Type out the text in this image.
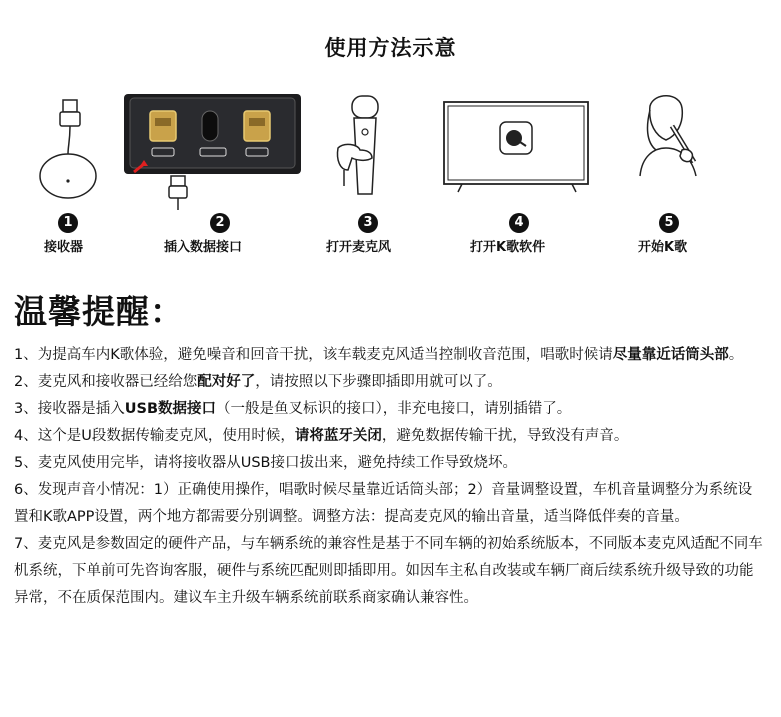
使用方法示意
1
接收器
2
插入数据接口
3
打开麦克风
4
打开K歌软件
5
开始K歌
温馨提醒：

1、为提高车内K歌体验，避免噪音和回音干扰，该车载麦克风适当控制收音范围，唱歌时候请尽量靠近话筒头部。

2、麦克风和接收器已经给您配对好了，请按照以下步骤即插即用就可以了。

3、接收器是插入USB数据接口（一般是鱼叉标识的接口），非充电接口，请别插错了。

4、这个是U段数据传输麦克风，使用时候，请将蓝牙关闭，避免数据传输干扰，导致没有声音。

5、麦克风使用完毕，请将接收器从USB接口拔出来，避免持续工作导致烧坏。

6、发现声音小情况：1）正确使用操作，唱歌时候尽量靠近话筒头部；2）音量调整设置，车机音量调整分为系统设置和K歌APP设置，两个地方都需要分别调整。调整方法：提高麦克风的输出音量，适当降低伴奏的音量。

7、麦克风是参数固定的硬件产品，与车辆系统的兼容性是基于不同车辆的初始系统版本，不同版本麦克风适配不同车机系统，下单前可先咨询客服，硬件与系统匹配则即插即用。如因车主私自改装或车辆厂商后续系统升级导致的功能异常，不在质保范围内。建议车主升级车辆系统前联系商家确认兼容性。
